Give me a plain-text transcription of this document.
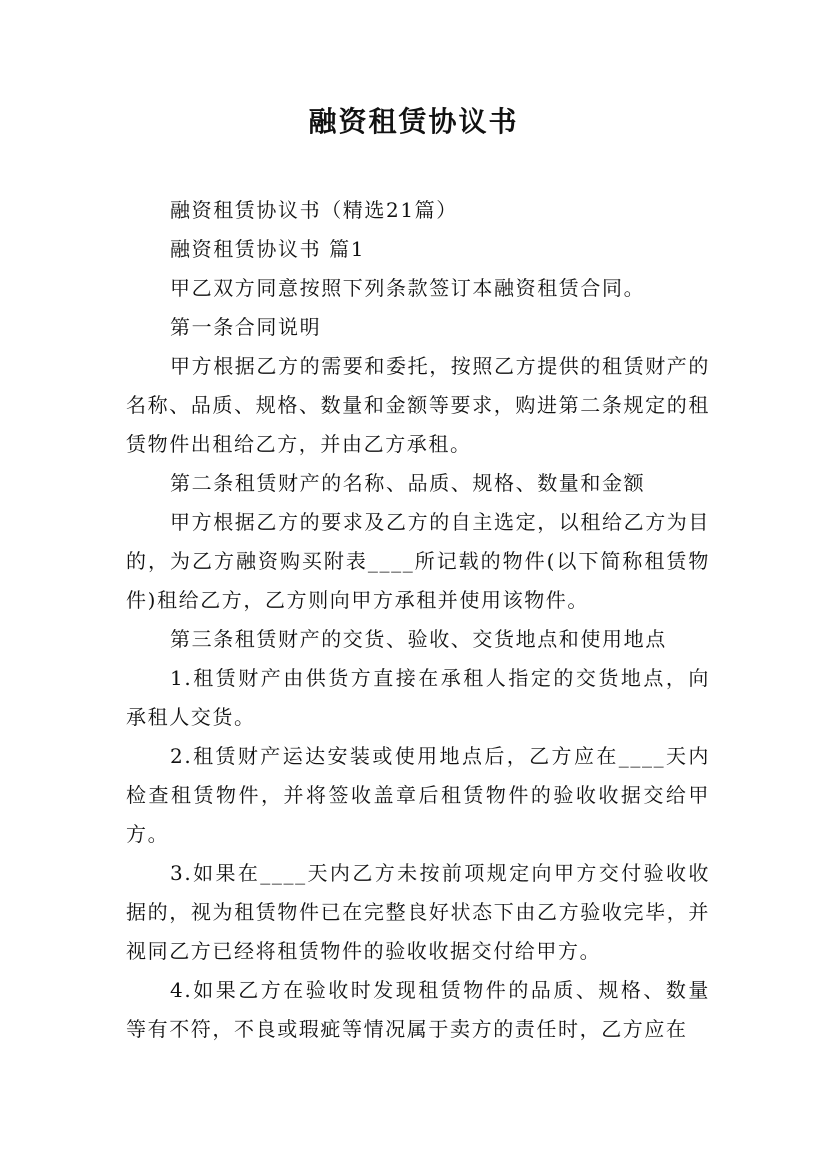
融资租赁协议书

融资租赁协议书（精选21篇）

融资租赁协议书 篇1

甲乙双方同意按照下列条款签订本融资租赁合同。

第一条合同说明

甲方根据乙方的需要和委托，按照乙方提供的租赁财产的名称、品质、规格、数量和金额等要求，购进第二条规定的租赁物件出租给乙方，并由乙方承租。

第二条租赁财产的名称、品质、规格、数量和金额

甲方根据乙方的要求及乙方的自主选定，以租给乙方为目的，为乙方融资购买附表____所记载的物件(以下简称租赁物件)租给乙方，乙方则向甲方承租并使用该物件。

第三条租赁财产的交货、验收、交货地点和使用地点

1.租赁财产由供货方直接在承租人指定的交货地点，向承租人交货。

2.租赁财产运达安装或使用地点后，乙方应在____天内检查租赁物件，并将签收盖章后租赁物件的验收收据交给甲方。

3.如果在____天内乙方未按前项规定向甲方交付验收收据的，视为租赁物件已在完整良好状态下由乙方验收完毕，并视同乙方已经将租赁物件的验收收据交付给甲方。

4.如果乙方在验收时发现租赁物件的品质、规格、数量等有不符，不良或瑕疵等情况属于卖方的责任时，乙方应在
